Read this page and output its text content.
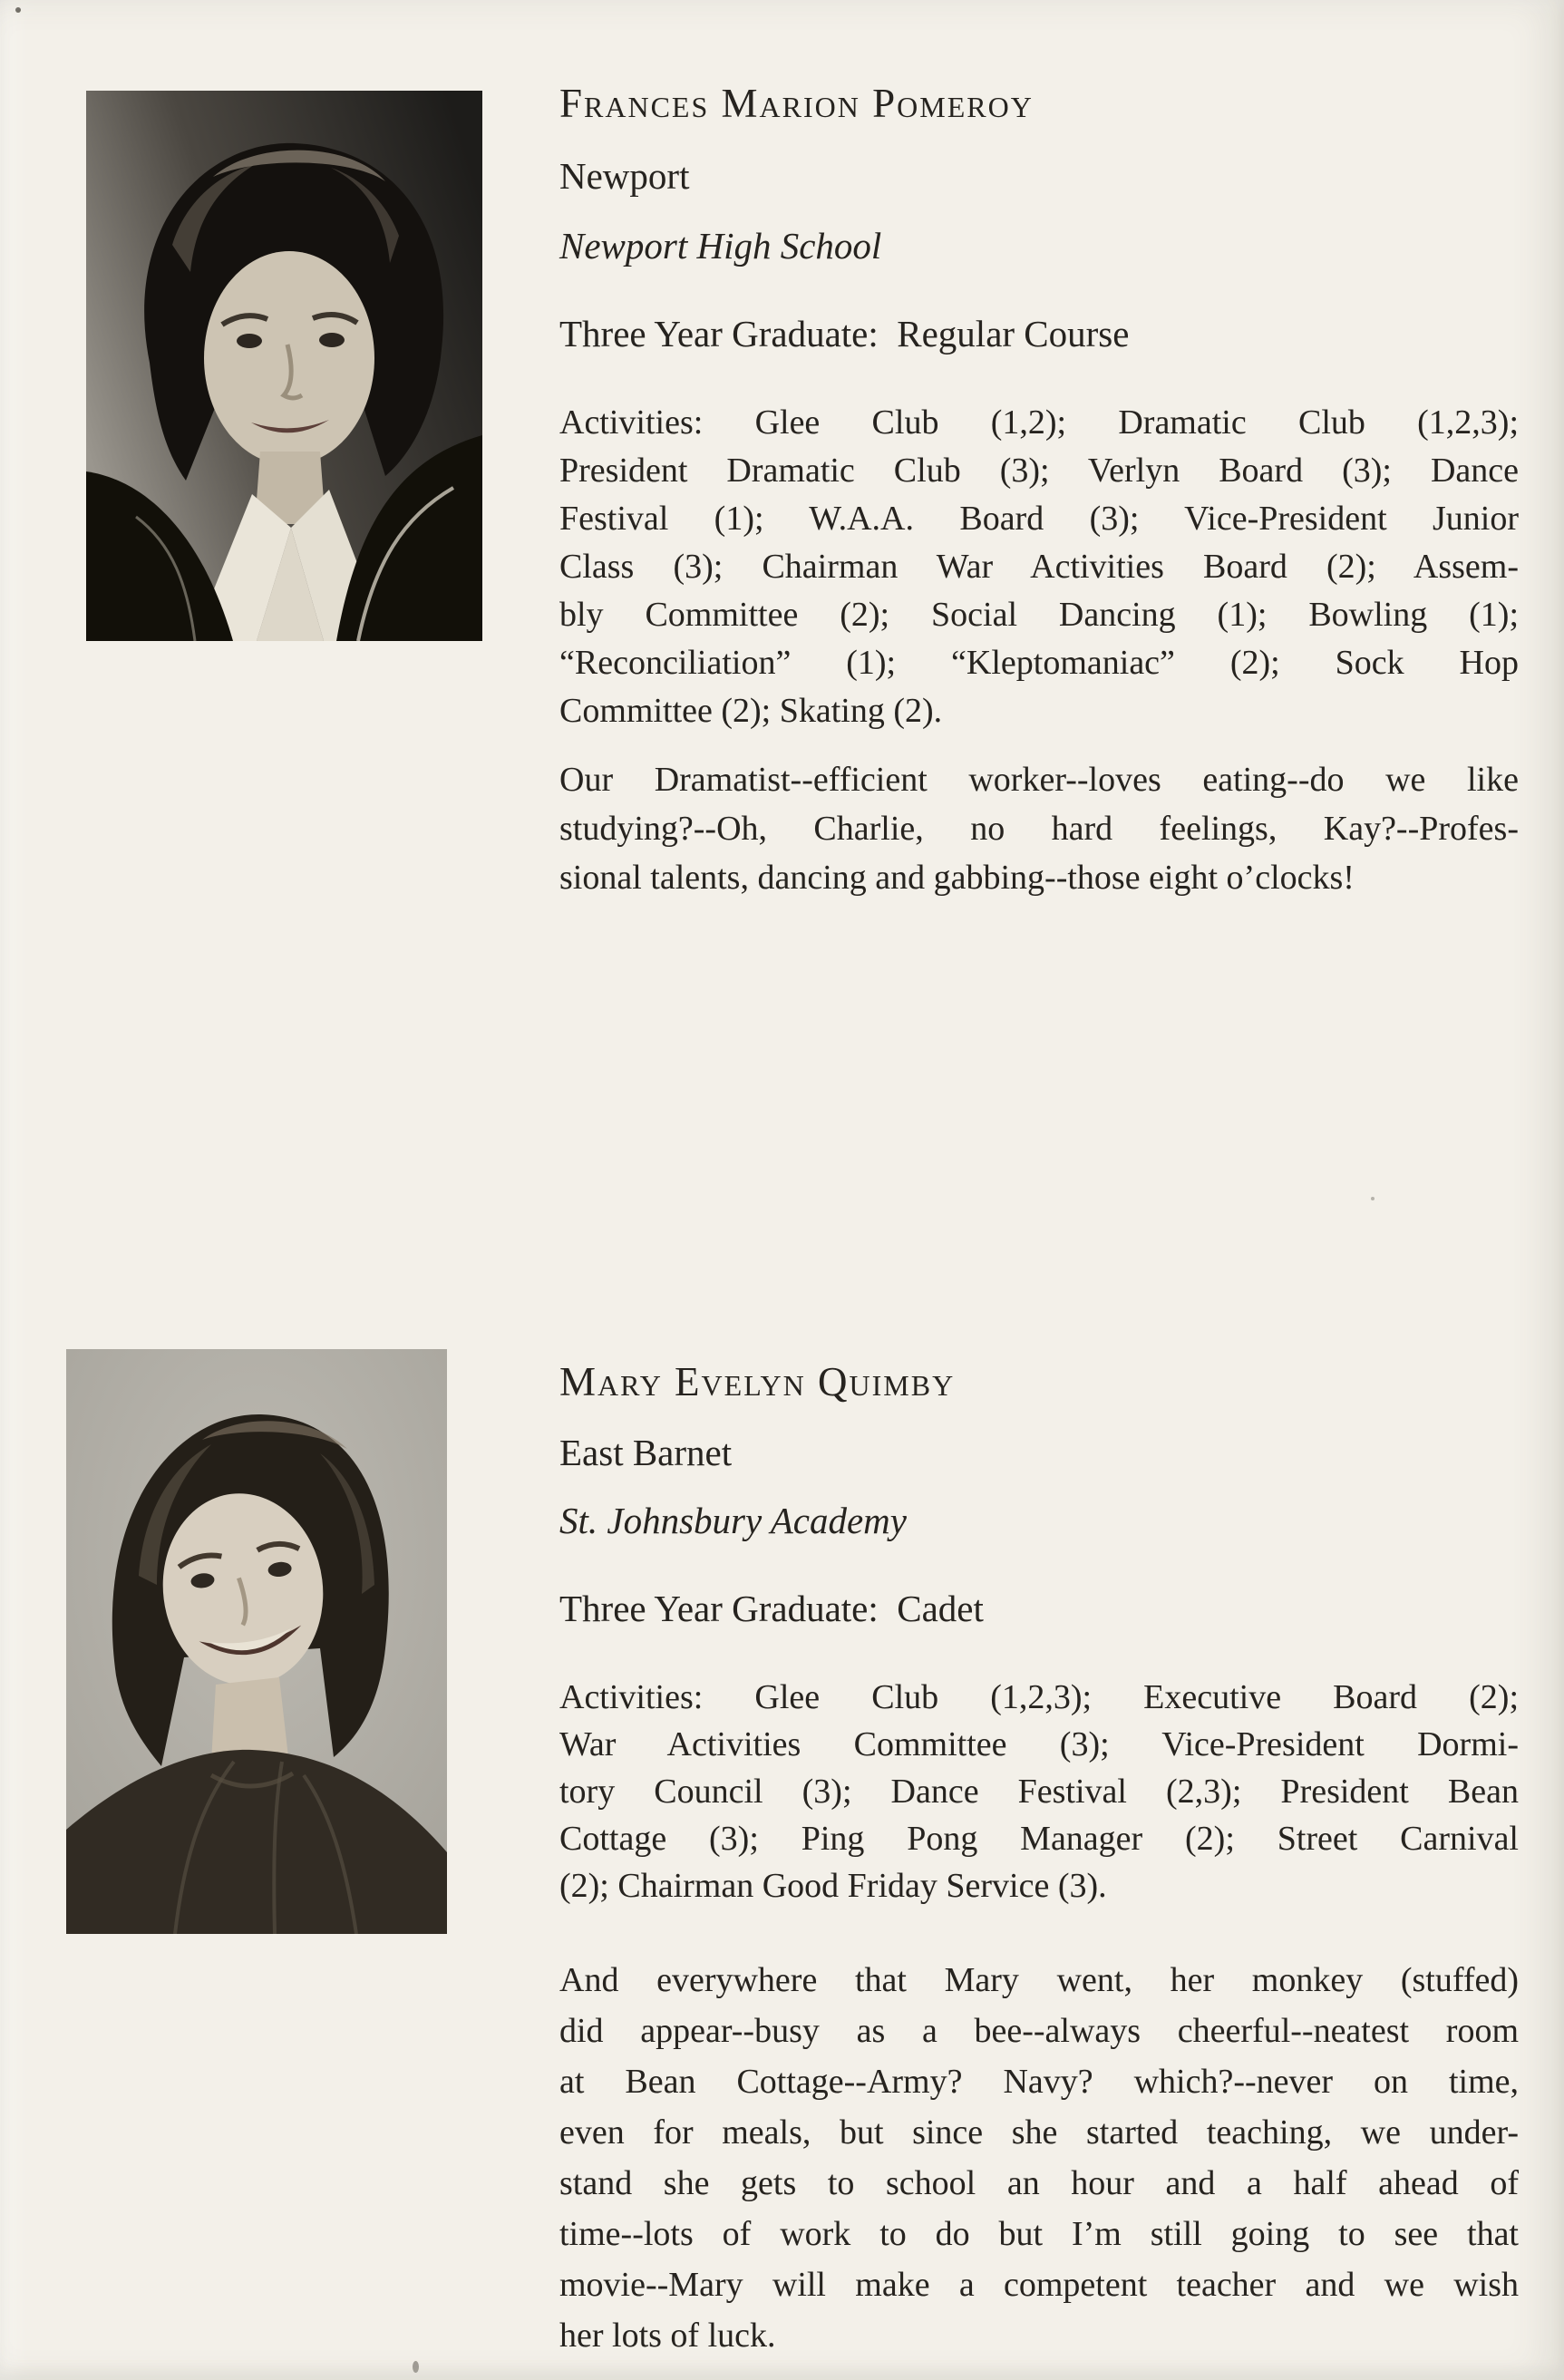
Frances Marion Pomeroy
Newport
Newport High School
Three Year Graduate:  Regular Course
Activities: Glee Club (1,2); Dramatic Club (1,2,3);
President Dramatic Club (3); Verlyn Board (3); Dance
Festival (1); W.A.A. Board (3); Vice-President Junior
Class (3); Chairman War Activities Board (2); Assem-
bly Committee (2); Social Dancing (1); Bowling (1);
“Reconciliation” (1); “Kleptomaniac” (2); Sock Hop
Committee (2); Skating (2).
Our Dramatist--efficient worker--loves eating--do we like
studying?--Oh, Charlie, no hard feelings, Kay?--Profes-
sional talents, dancing and gabbing--those eight o’clocks!
Mary Evelyn Quimby
East Barnet
St. Johnsbury Academy
Three Year Graduate:  Cadet
Activities: Glee Club (1,2,3); Executive Board (2);
War Activities Committee (3); Vice-President Dormi-
tory Council (3); Dance Festival (2,3); President Bean
Cottage (3); Ping Pong Manager (2); Street Carnival
(2); Chairman Good Friday Service (3).
And everywhere that Mary went, her monkey (stuffed)
did appear--busy as a bee--always cheerful--neatest room
at Bean Cottage--Army? Navy? which?--never on time,
even for meals, but since she started teaching, we under-
stand she gets to school an hour and a half ahead of
time--lots of work to do but I’m still going to see that
movie--Mary will make a competent teacher and we wish
her lots of luck.
